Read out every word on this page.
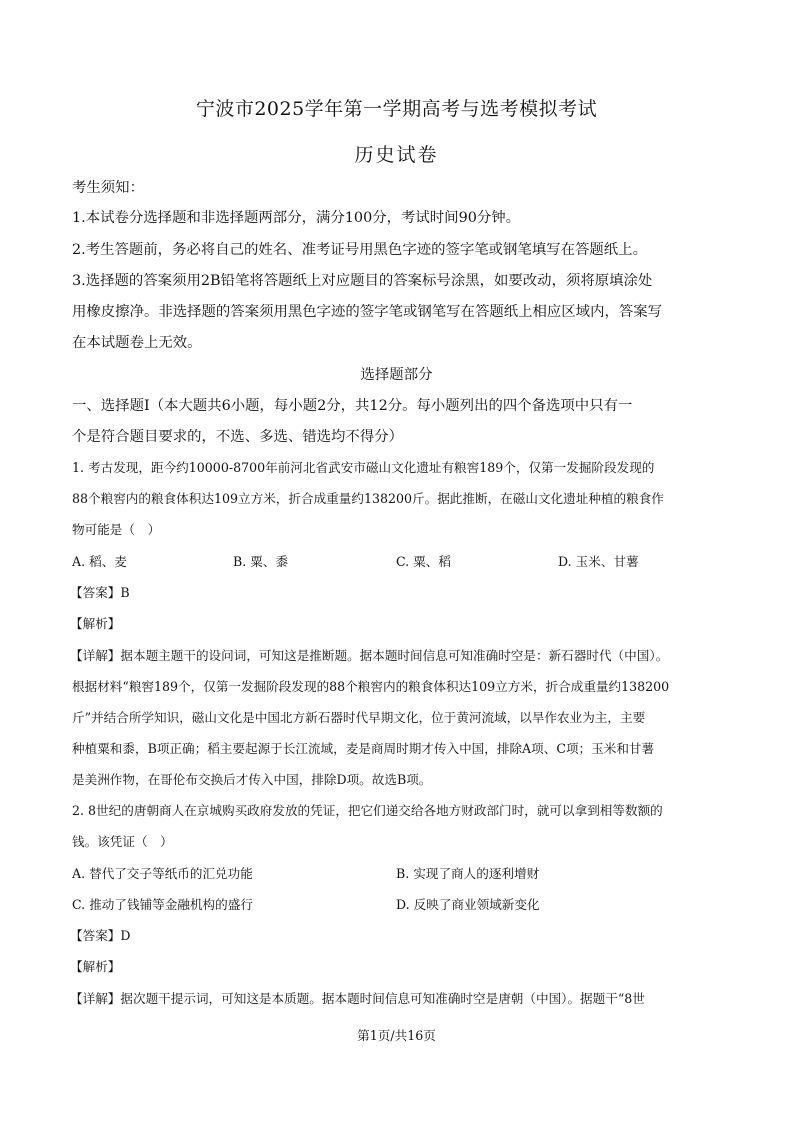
宁波市2025学年第一学期高考与选考模拟考试
历史试卷
考生须知：
1.本试卷分选择题和非选择题两部分，满分100分，考试时间90分钟。
2.考生答题前，务必将自己的姓名、准考证号用黑色字迹的签字笔或钢笔填写在答题纸上。
3.选择题的答案须用2B铅笔将答题纸上对应题目的答案标号涂黑，如要改动，须将原填涂处
用橡皮擦净。非选择题的答案须用黑色字迹的签字笔或钢笔写在答题纸上相应区域内，答案写
在本试题卷上无效。
选择题部分
一、选择题Ⅰ（本大题共6小题，每小题2分，共12分。每小题列出的四个备选项中只有一
个是符合题目要求的，不选、多选、错选均不得分）
1. 考古发现，距今约10000-8700年前河北省武安市磁山文化遗址有粮窖189个，仅第一发掘阶段发现的
88个粮窖内的粮食体积达109立方米，折合成重量约138200斤。据此推断，在磁山文化遗址种植的粮食作
物可能是（　）
A. 稻、麦	B. 粟、黍	C. 粟、稻	D. 玉米、甘薯
【答案】B
【解析】
【详解】据本题主题干的设问词，可知这是推断题。据本题时间信息可知准确时空是：新石器时代（中国）。
根据材料“粮窖189个，仅第一发掘阶段发现的88个粮窖内的粮食体积达109立方米，折合成重量约138200
斤”并结合所学知识，磁山文化是中国北方新石器时代早期文化，位于黄河流域，以旱作农业为主，主要
种植粟和黍，B项正确；稻主要起源于长江流域，麦是商周时期才传入中国，排除A项、C项；玉米和甘薯
是美洲作物，在哥伦布交换后才传入中国，排除D项。故选B项。
2. 8世纪的唐朝商人在京城购买政府发放的凭证，把它们递交给各地方财政部门时，就可以拿到相等数额的
钱。该凭证（　）
A. 替代了交子等纸币的汇兑功能	B. 实现了商人的逐利增财
C. 推动了钱铺等金融机构的盛行	D. 反映了商业领域新变化
【答案】D
【解析】
【详解】据次题干提示词，可知这是本质题。据本题时间信息可知准确时空是唐朝（中国）。据题干“8世
第1页/共16页
